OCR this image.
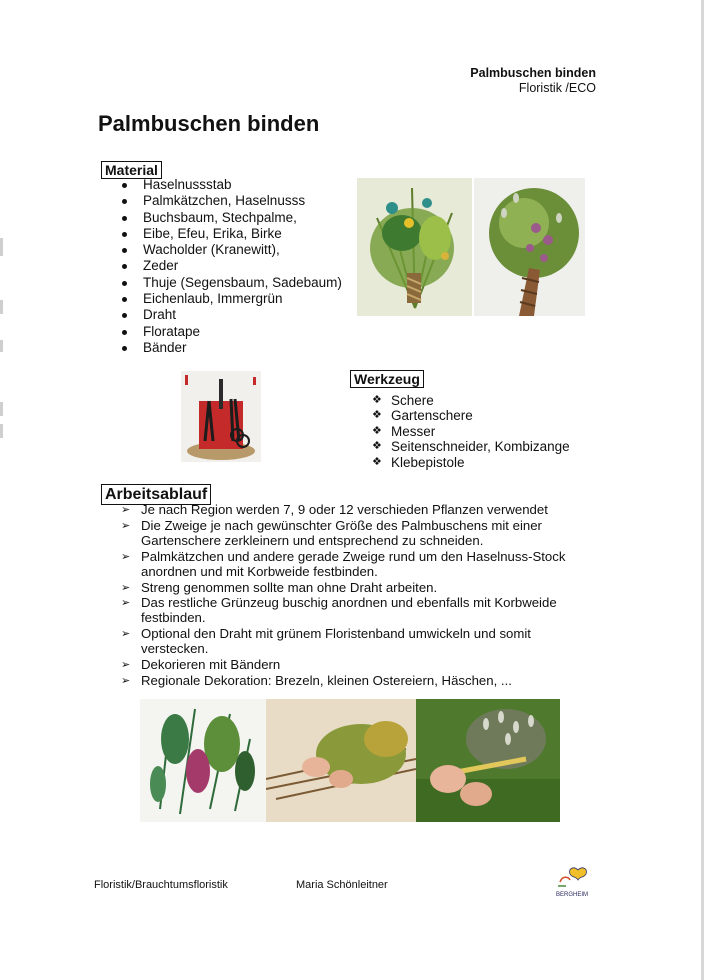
Palmbuschen binden
Floristik /ECO
Palmbuschen binden
Material
Haselnussstab
Palmkätzchen, Haselnusss
Buchsbaum, Stechpalme,
Eibe, Efeu, Erika, Birke
Wacholder (Kranewitt),
Zeder
Thuje (Segensbaum, Sadebaum)
Eichenlaub, Immergrün
Draht
Floratape
Bänder
Werkzeug
❖ Schere
❖ Gartenschere
❖ Messer
❖ Seitenschneider, Kombizange
❖ Klebepistole
Arbeitsablauf
➢ Je nach Region werden 7, 9 oder 12 verschieden Pflanzen verwendet
➢ Die Zweige je nach gewünschter Größe des Palmbuschens mit einer Gartenschere zerkleinern und entsprechend zu schneiden.
➢ Palmkätzchen und andere gerade Zweige rund um den Haselnuss-Stock anordnen und mit Korbweide festbinden.
➢ Streng genommen sollte man ohne Draht arbeiten.
➢ Das restliche Grünzeug buschig anordnen und ebenfalls mit Korbweide festbinden.
➢ Optional den Draht mit grünem Floristenband umwickeln und somit verstecken.
➢ Dekorieren mit Bändern
➢ Regionale Dekoration: Brezeln, kleinen Ostereiern, Häschen, ...
Floristik/Brauchtumsfloristik	Maria Schönleitner
BERGHEIM
